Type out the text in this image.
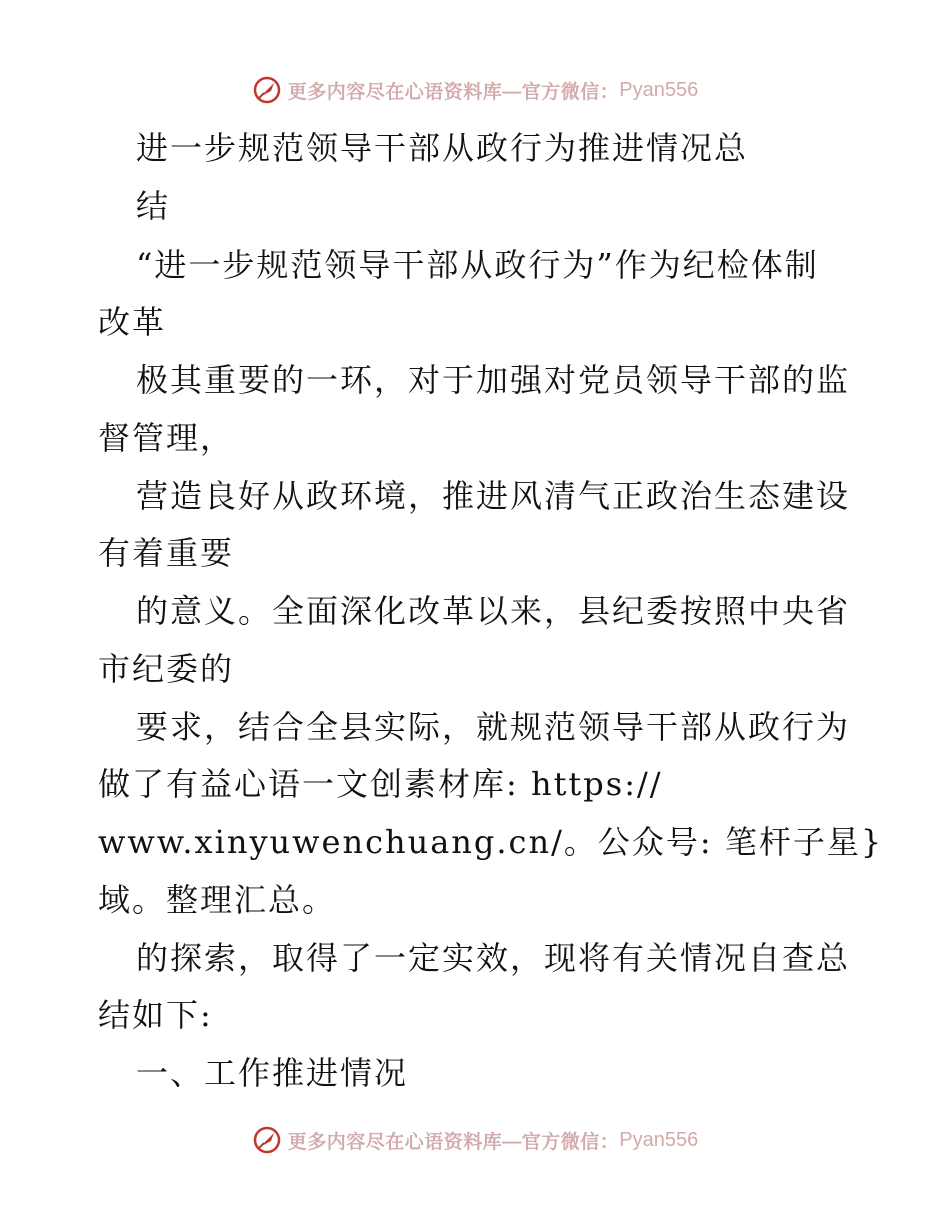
更多内容尽在心语资料库—官方微信： Pyan556
进一步规范领导干部从政行为推进情况总
结
“进一步规范领导干部从政行为”作为纪检体制
改革
极其重要的一环，对于加强对党员领导干部的监
督管理，
营造良好从政环境，推进风清气正政治生态建设
有着重要
的意义。全面深化改革以来，县纪委按照中央省
市纪委的
要求，结合全县实际，就规范领导干部从政行为
做了有益心语一文创素材库: https://
www.xinyuwenchuang.cn/。公众号: 笔杆子星}
域。整理汇总。
的探索，取得了一定实效，现将有关情况自查总
结如下:
一、工作推进情况
更多内容尽在心语资料库—官方微信： Pyan556
